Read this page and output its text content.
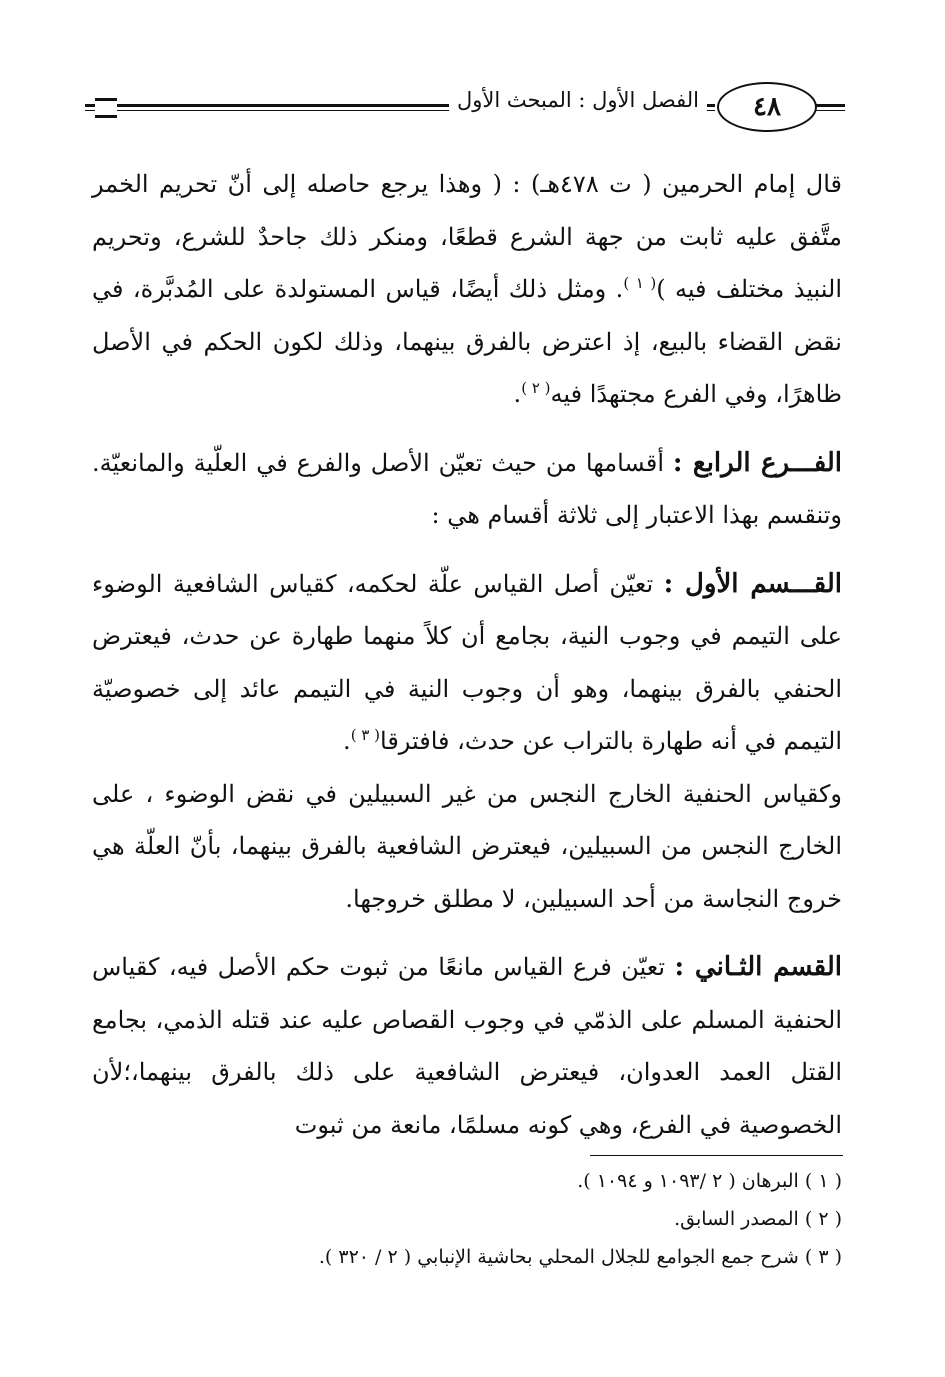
الفصل الأول : المبحث الأول	٤٨

قال إمام الحرمين ( ت ٤٧٨هـ) : ( وهذا يرجع حاصله إلى أنّ تحريم الخمر متَّفق عليه ثابت من جهة الشرع قطعًا، ومنكر ذلك جاحدٌ للشرع، وتحريم النبيذ مختلف فيه )$^{( ١ )}$. ومثل ذلك أيضًا، قياس المستولدة على المُدبَّرة، في نقض القضاء بالبيع، إذ اعترض بالفرق بينهما، وذلك لكون الحكم في الأصل ظاهرًا، وفي الفرع مجتهدًا فيه$^{( ٢ )}$.

الفـــرع الرابع : أقسامها من حيث تعيّن الأصل والفرع في العلّية والمانعيّة. وتنقسم بهذا الاعتبار إلى ثلاثة أقسام هي :

القـــسم الأول : تعيّن أصل القياس علّة لحكمه، كقياس الشافعية الوضوء على التيمم في وجوب النية، بجامع أن كلاً منهما طهارة عن حدث، فيعترض الحنفي بالفرق بينهما، وهو أن وجوب النية في التيمم عائد إلى خصوصيّة التيمم في أنه طهارة بالتراب عن حدث، فافترقا$^{( ٣ )}$.

وكقياس الحنفية الخارج النجس من غير السبيلين في نقض الوضوء ، على الخارج النجس من السبيلين، فيعترض الشافعية بالفرق بينهما، بأنّ العلّة هي خروج النجاسة من أحد السبيلين، لا مطلق خروجها.

القسم الثـاني : تعيّن فرع القياس مانعًا من ثبوت حكم الأصل فيه، كقياس الحنفية المسلم على الذمّي في وجوب القصاص عليه عند قتله الذمي، بجامع القتل العمد العدوان، فيعترض الشافعية على ذلك بالفرق بينهما،؛لأن الخصوصية في الفرع، وهي كونه مسلمًا، مانعة من ثبوت

( ١ ) البرهان ( ٢ /١٠٩٣ و ١٠٩٤ ).
( ٢ ) المصدر السابق.
( ٣ ) شرح جمع الجوامع للجلال المحلي بحاشية الإنبابي ( ٢ / ٣٢٠ ).
